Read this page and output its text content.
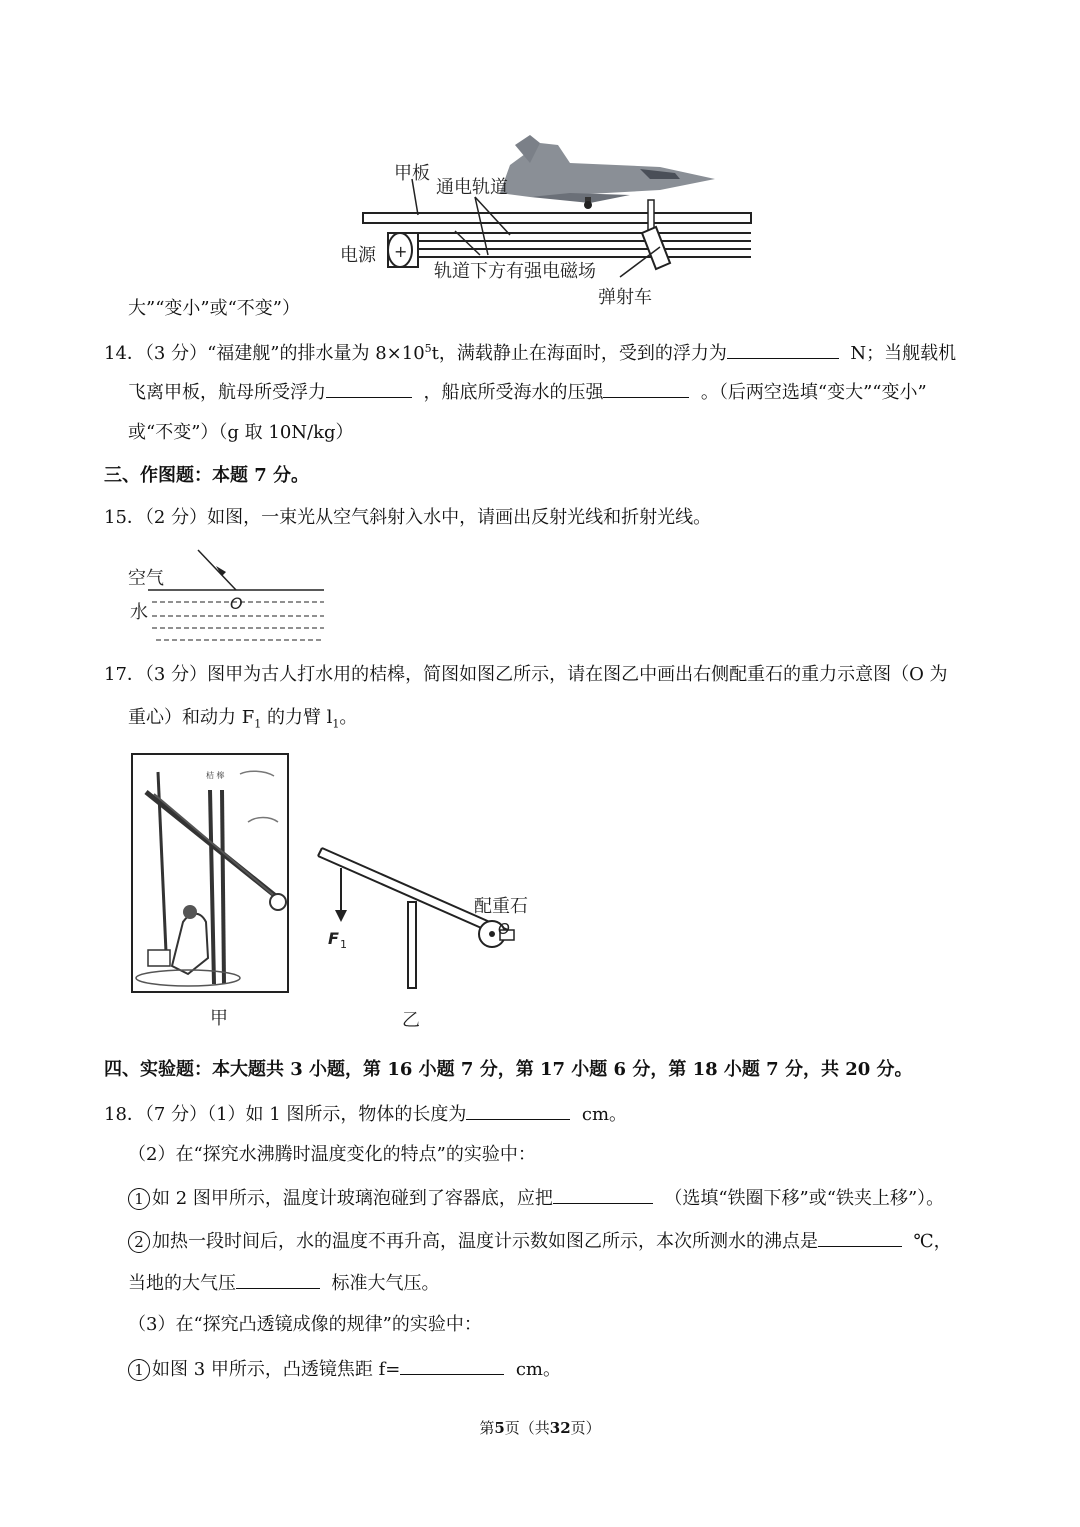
+
甲板
通电轨道
电源
轨道下方有强电磁场
弹射车
大”“变小”或“不变”）
14．（3 分）“福建舰”的排水量为 $8\times 10^5t$，满载静止在海面时，受到的浮力为	N；当舰载机
飞离甲板，航母所受浮力	，船底所受海水的压强	。（后两空选填“变大”“变小”
或“不变”）（g 取 10N/kg）
三、作图题：本题 7 分。
15．（2 分）如图，一束光从空气斜射入水中，请画出反射光线和折射光线。
空气
水	O
17．（3 分）图甲为古人打水用的桔槔，简图如图乙所示，请在图乙中画出右侧配重石的重力示意图（O 为
重心）和动力 $F_1$ 的力臂 $l_1$。
桔 槔
F 1
O
配重石
甲	乙
四、实验题：本大题共 3 小题，第 16 小题 7 分，第 17 小题 6 分，第 18 小题 7 分，共 20 分。
18．（7 分）（1）如 1 图所示，物体的长度为	cm。
（2）在“探究水沸腾时温度变化的特点”的实验中：
1 如 2 图甲所示，温度计玻璃泡碰到了容器底，应把	（选填“铁圈下移”或“铁夹上移”）。
2 加热一段时间后，水的温度不再升高，温度计示数如图乙所示，本次所测水的沸点是	℃，
当地的大气压	标准大气压。
（3）在“探究凸透镜成像的规律”的实验中：
1 如图 3 甲所示，凸透镜焦距 f=	cm。
第5页（共32页）
